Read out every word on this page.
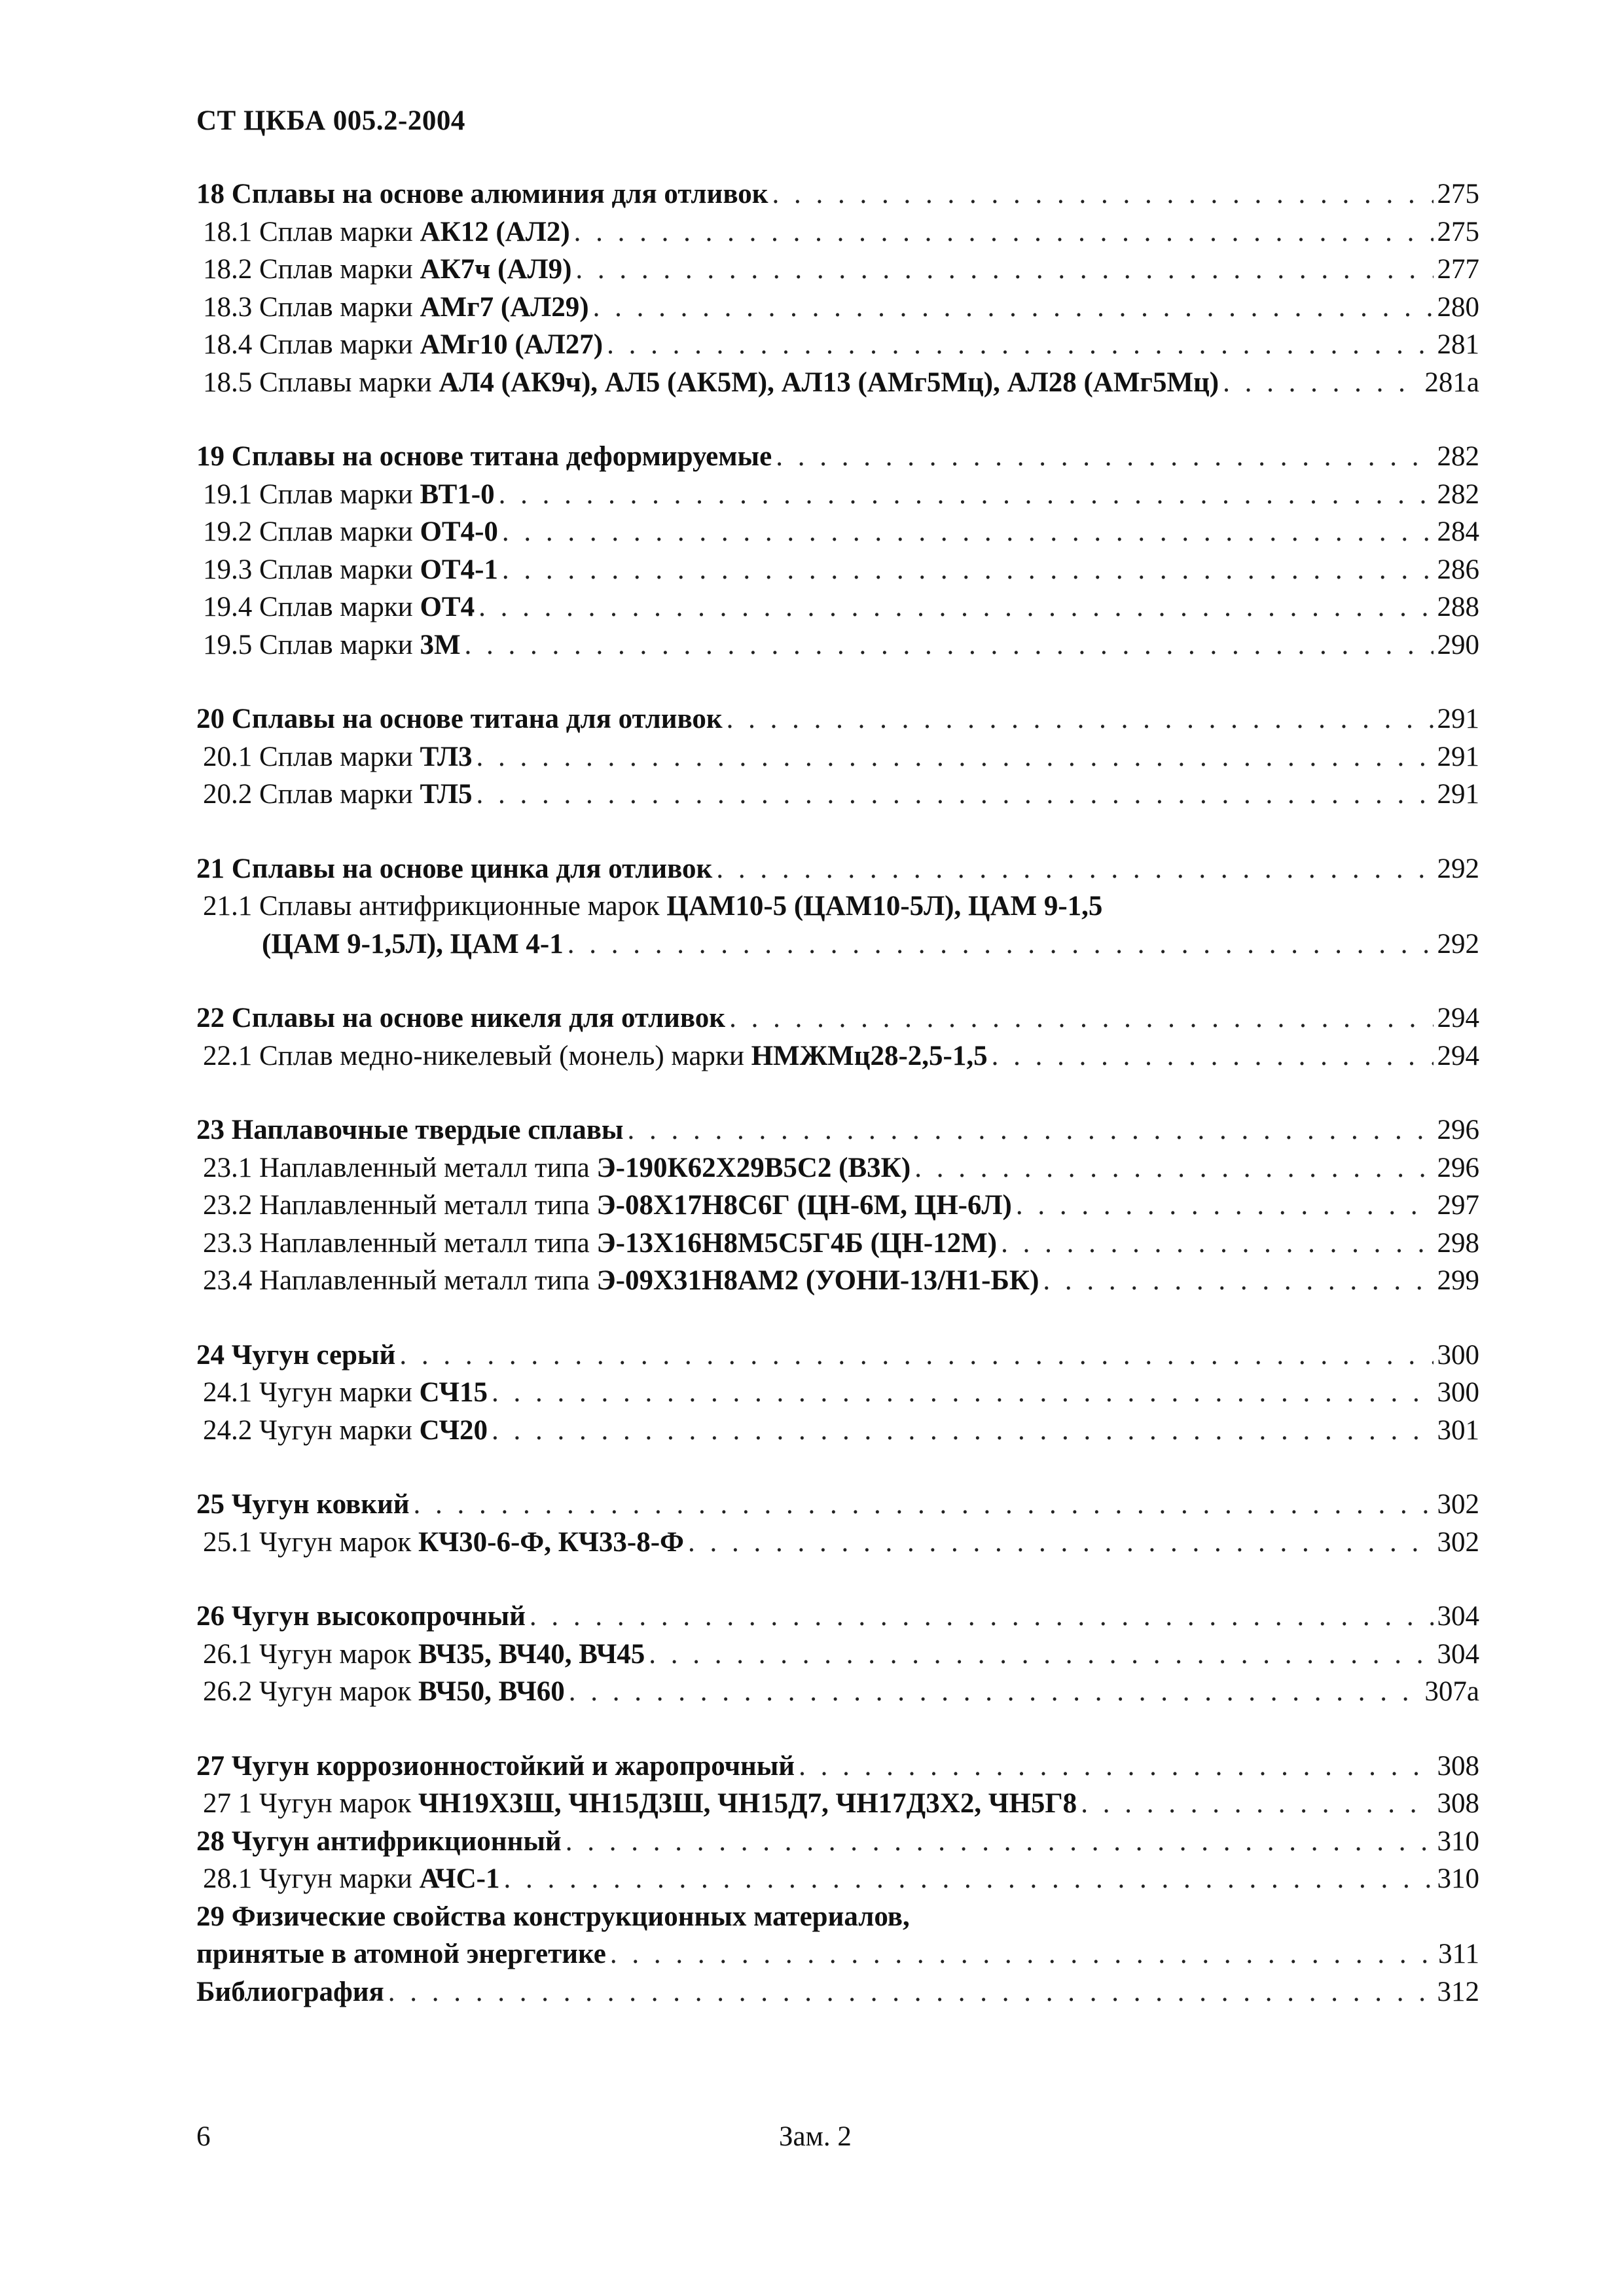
СТ ЦКБА 005.2-2004
18 Сплавы на основе алюминия для отливок . . .	275
18.1 Сплав марки АК12 (АЛ2) . . .	275
18.2 Сплав марки АК7ч (АЛ9) . . .	277
18.3 Сплав марки АМг7 (АЛ29) . . .	280
18.4 Сплав марки АМг10 (АЛ27) . . .	281
18.5 Сплавы марки АЛ4 (АК9ч), АЛ5 (АК5М), АЛ13 (АМг5Мц), АЛ28 (АМг5Мц) . . .	281а
19 Сплавы на основе титана деформируемые . . .	282
19.1 Сплав марки ВТ1-0 . . .	282
19.2 Сплав марки ОТ4-0 . . .	284
19.3 Сплав марки ОТ4-1 . . .	286
19.4 Сплав марки ОТ4 . . .	288
19.5 Сплав марки 3М . . .	290
20 Сплавы на основе титана для отливок . . .	291
20.1 Сплав марки ТЛ3 . . .	291
20.2 Сплав марки ТЛ5 . . .	291
21 Сплавы на основе цинка для отливок . . .	292
21.1 Сплавы антифрикционные марок ЦАМ10-5 (ЦАМ10-5Л), ЦАМ 9-1,5
(ЦАМ 9-1,5Л), ЦАМ 4-1 . . .	292
22 Сплавы на основе никеля для отливок . . .	294
22.1 Сплав медно-никелевый (монель) марки НМЖМц28-2,5-1,5 . . .	294
23 Наплавочные твердые сплавы . . .	296
23.1 Наплавленный металл типа Э-190К62Х29В5С2 (В3К) . . .	296
23.2 Наплавленный металл типа Э-08Х17Н8С6Г (ЦН-6М, ЦН-6Л) . . .	297
23.3 Наплавленный металл типа Э-13Х16Н8М5С5Г4Б (ЦН-12М) . . .	298
23.4 Наплавленный металл типа Э-09Х31Н8АМ2 (УОНИ-13/Н1-БК) . . .	299
24 Чугун серый . . .	300
24.1 Чугун марки СЧ15 . . .	300
24.2 Чугун марки СЧ20 . . .	301
25 Чугун ковкий . . .	302
25.1 Чугун марок КЧ30-6-Ф, КЧ33-8-Ф . . .	302
26 Чугун высокопрочный . . .	304
26.1 Чугун марок ВЧ35, ВЧ40, ВЧ45 . . .	304
26.2 Чугун марок ВЧ50, ВЧ60 . . .	307а
27 Чугун коррозионностойкий и жаропрочный . . .	308
27 1 Чугун марок ЧН19Х3Ш, ЧН15Д3Ш, ЧН15Д7, ЧН17Д3Х2, ЧН5Г8 . . .	308
28 Чугун антифрикционный . . .	310
28.1 Чугун марки АЧС-1 . . .	310
29 Физические свойства конструкционных материалов,
принятые в атомной энергетике . . .	311
Библиография . . .	312
6	Зам. 2
